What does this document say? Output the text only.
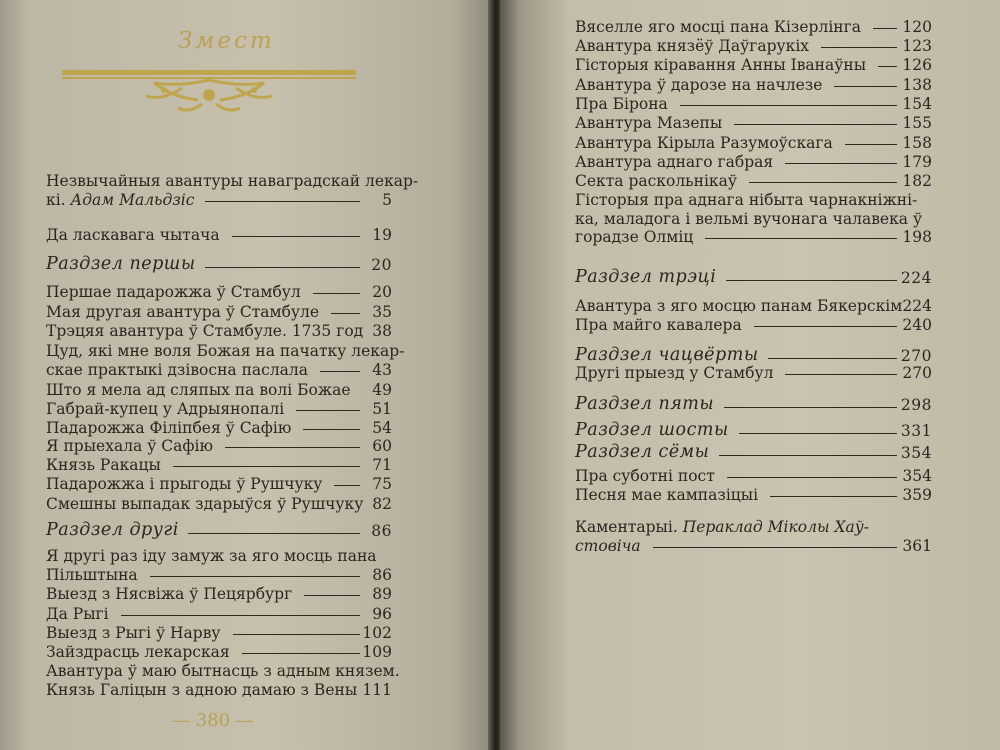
Змест
Незвычайныя авантуры наваградскай лекар-
кі. Адам Мальдзіс	5
Да ласкавага чытача	19
Раздзел першы	20
Першае падарожжа ў Стамбул	20
Мая другая авантура ў Стамбуле	35
Трэцяя авантура ў Стамбуле. 1735 год 38
Цуд, які мне воля Божая на пачатку лекар-
скае практыкі дзівосна паслала	43
Што я мела ад сляпых па волі Божае	49
Габрай-купец у Адрыянопалі	51
Падарожжа Філіпбея ў Сафію	54
Я прыехала ў Сафію	60
Князь Ракацы	71
Падарожжа і прыгоды ў Рушчуку	75
Смешны выпадак здарыўся ў Рушчуку 82
Раздзел другі	86
Я другі раз іду замуж за яго мосць пана
Пільштына	86
Выезд з Нясвіжа ў Пецярбург	89
Да Рыгі	96
Выезд з Рыгі ў Нарву	102
Зайздрасць лекарская	109
Авантура ў маю бытнасць з адным князем.
Князь Галіцын з адною дамаю з Вены 111
— 380 —
Вяселле яго мосці пана Кізерлінга	120
Авантура князёў Даўгарукіх	123
Гісторыя кіравання Анны Іванаўны	126
Авантура ў дарозе на начлезе	138
Пра Бірона	154
Авантура Мазепы	155
Авантура Кірыла Разумоўскага	158
Авантура аднаго габрая	179
Секта раскольнікаў	182
Гісторыя пра аднага нібыта чарнакніжні-
ка, маладога і вельмі вучонага чалавека ў
горадзе Олміц	198
Раздзел трэці	224
Авантура з яго мосцю панам Бякерскім 224
Пра майго кавалера	240
Раздзел чацвёрты	270
Другі прыезд у Стамбул	270
Раздзел пяты	298
Раздзел шосты	331
Раздзел сёмы	354
Пра суботні пост	354
Песня мае кампазіцыі	359
Каментарыі. Пераклад Міколы Хаў-
стовіча	361
